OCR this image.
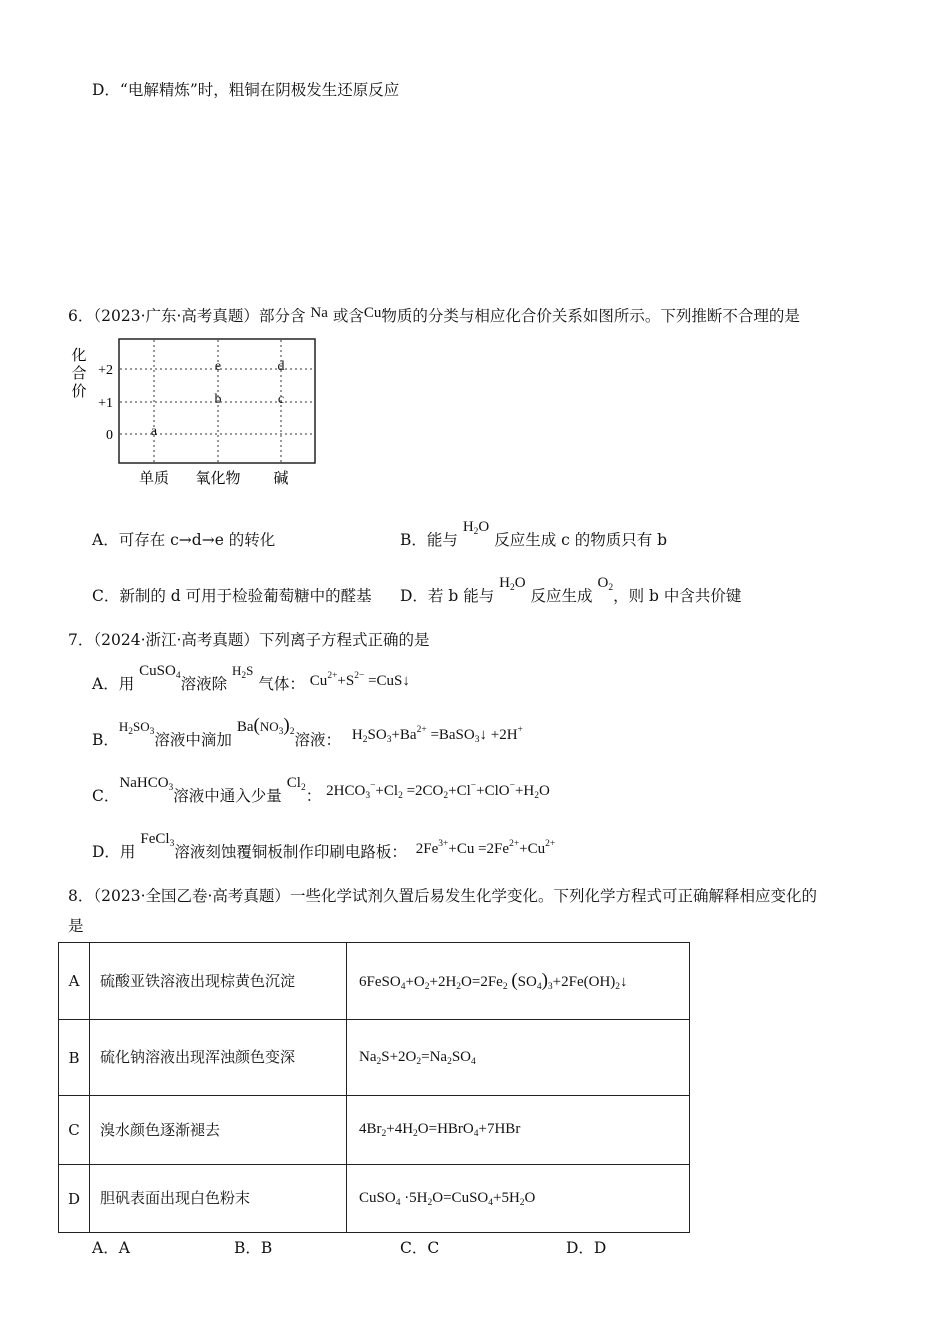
D．“电解精炼”时，粗铜在阴极发生还原反应
6．（2023·广东·高考真题）部分含 Na 或含Cu物质的分类与相应化合价关系如图所示。下列推断不合理的是
化
合
价
+2
+1
0
单质 氧化物 碱
a
b
e
c
d
A．可存在 c→d→e 的转化	B．能与 $H_2O$ 反应生成 c 的物质只有 b
C．新制的 d 可用于检验葡萄糖中的醛基 D．若 b 能与 $H_2O$ 反应生成 $O_2$，则 b 中含共价键
7．（2024·浙江·高考真题）下列离子方程式正确的是
A．用 CuSO$_4$溶液除 $^{H_2S}$ 气体： $Cu^{2+}+S^{2-}$ =CuS↓
B．$^{H_2SO_3}$溶液中滴加 $Ba(NO_3)_2$溶液： $H_2SO_3+Ba^{2+}$ =BaSO$_3$↓ +2H+
C．NaHCO$_3$溶液中通入少量 $Cl_2$： $2HCO_3^-+Cl_2 =2CO_2+Cl^-+ClO^-+H_2O$
D．用 FeCl$_3$溶液刻蚀覆铜板制作印刷电路板： $2Fe^{3+}+Cu =2Fe^{2+}+Cu^{2+}$
8．（2023·全国乙卷·高考真题）一些化学试剂久置后易发生化学变化。下列化学方程式可正确解释相应变化的
是
A	硫酸亚铁溶液出现棕黄色沉淀	$6FeSO_4+O_2+2H_2O=2Fe_2$ $(SO_4)_3+2Fe(OH)_2↓$
B	硫化钠溶液出现浑浊颜色变深	$Na_2S+2O_2=Na_2SO_4$
C	溴水颜色逐渐褪去	$4Br_2+4H_2O=HBrO_4+7HBr$
D	胆矾表面出现白色粉末	CuSO$_4$ $\cdot 5H_2O=CuSO_4+5H_2O$
A．A	B．B	C．C	D．D
